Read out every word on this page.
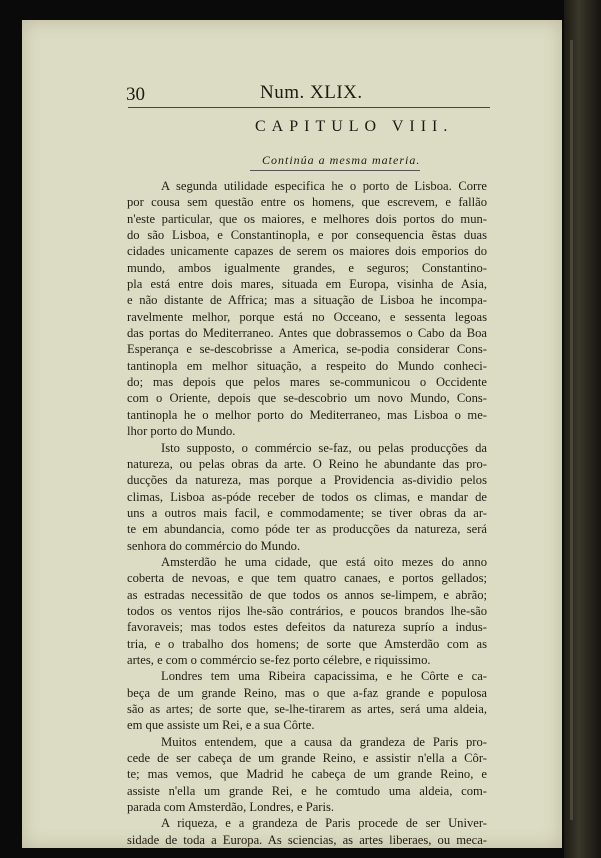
30	Num. XLIX.
CAPITULO VIII.
Continúa a mesma materia.
A segunda utilidade especifica he o porto de Lisboa. Corre
por cousa sem questão entre os homens, que escrevem, e fallão
n'este particular, que os maiores, e melhores dois portos do mun-
do são Lisboa, e Constantinopla, e por consequencia ẽstas duas
cidades unicamente capazes de serem os maiores dois emporios do
mundo, ambos igualmente grandes, e seguros; Constantino-
pla está entre dois mares, situada em Europa, visinha de Asia,
e não distante de Affrica; mas a situação de Lisboa he incompa-
ravelmente melhor, porque está no Occeano, e sessenta legoas
das portas do Mediterraneo. Antes que dobrassemos o Cabo da Boa
Esperança e se-descobrisse a America, se-podia considerar Cons-
tantinopla em melhor situação, a respeito do Mundo conheci-
do; mas depois que pelos mares se-communicou o Occidente
com o Oriente, depois que se-descobrio um novo Mundo, Cons-
tantinopla he o melhor porto do Mediterraneo, mas Lisboa o me-
lhor porto do Mundo.
Isto supposto, o commércio se-faz, ou pelas producções da
natureza, ou pelas obras da arte. O Reino he abundante das pro-
ducções da natureza, mas porque a Providencia as-dividio pelos
climas, Lisboa as-póde receber de todos os climas, e mandar de
uns a outros mais facil, e commodamente; se tiver obras da ar-
te em abundancia, como póde ter as producções da natureza, será
senhora do commércio do Mundo.
Amsterdão he uma cidade, que está oito mezes do anno
coberta de nevoas, e que tem quatro canaes, e portos gellados;
as estradas necessitão de que todos os annos se-limpem, e abrão;
todos os ventos rijos lhe-são contrários, e poucos brandos lhe-são
favoraveis; mas todos estes defeitos da natureza suprío a indus-
tria, e o trabalho dos homens; de sorte que Amsterdão com as
artes, e com o commércio se-fez porto célebre, e riquissimo.
Londres tem uma Ribeira capacissima, e he Côrte e ca-
beça de um grande Reino, mas o que a-faz grande e populosa
são as artes; de sorte que, se-lhe-tirarem as artes, será uma aldeia,
em que assiste um Rei, e a sua Côrte.
Muitos entendem, que a causa da grandeza de Paris pro-
cede de ser cabeça de um grande Reino, e assistir n'ella a Côr-
te; mas vemos, que Madrid he cabeça de um grande Reino, e
assiste n'ella um grande Rei, e he comtudo uma aldeia, com-
parada com Amsterdão, Londres, e Paris.
A riqueza, e a grandeza de Paris procede de ser Univer-
sidade de toda a Europa. As sciencias, as artes liberaes, ou meca-
